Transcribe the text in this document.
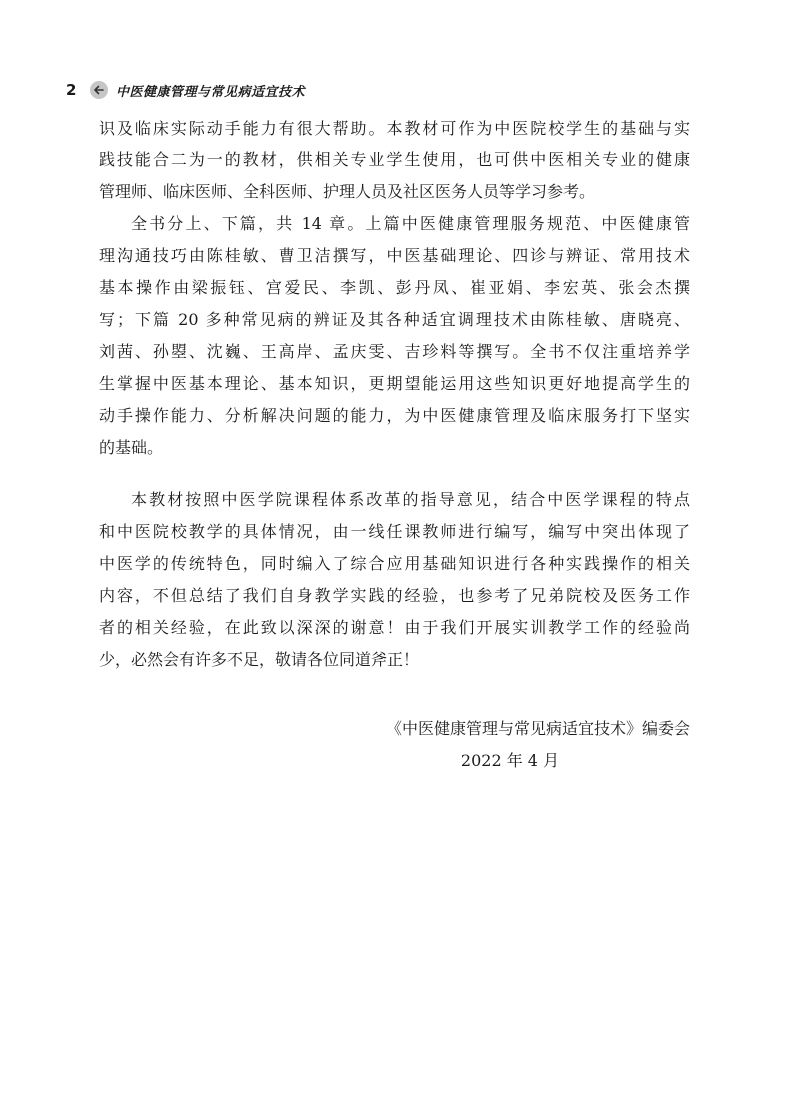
2	中医健康管理与常见病适宜技术
识及临床实际动手能力有很大帮助。本教材可作为中医院校学生的基础与实
践技能合二为一的教材，供相关专业学生使用，也可供中医相关专业的健康
管理师、临床医师、全科医师、护理人员及社区医务人员等学习参考。
全书分上、下篇，共 14 章。上篇中医健康管理服务规范、中医健康管
理沟通技巧由陈桂敏、曹卫洁撰写，中医基础理论、四诊与辨证、常用技术
基本操作由梁振钰、宫爱民、李凯、彭丹凤、崔亚娟、李宏英、张会杰撰
写；下篇 20 多种常见病的辨证及其各种适宜调理技术由陈桂敏、唐晓亮、
刘茜、孙曌、沈巍、王高岸、孟庆雯、吉珍料等撰写。全书不仅注重培养学
生掌握中医基本理论、基本知识，更期望能运用这些知识更好地提高学生的
动手操作能力、分析解决问题的能力，为中医健康管理及临床服务打下坚实
的基础。
本教材按照中医学院课程体系改革的指导意见，结合中医学课程的特点
和中医院校教学的具体情况，由一线任课教师进行编写，编写中突出体现了
中医学的传统特色，同时编入了综合应用基础知识进行各种实践操作的相关
内容，不但总结了我们自身教学实践的经验，也参考了兄弟院校及医务工作
者的相关经验，在此致以深深的谢意！由于我们开展实训教学工作的经验尚
少，必然会有许多不足，敬请各位同道斧正！
《中医健康管理与常见病适宜技术》编委会
2022 年 4 月
